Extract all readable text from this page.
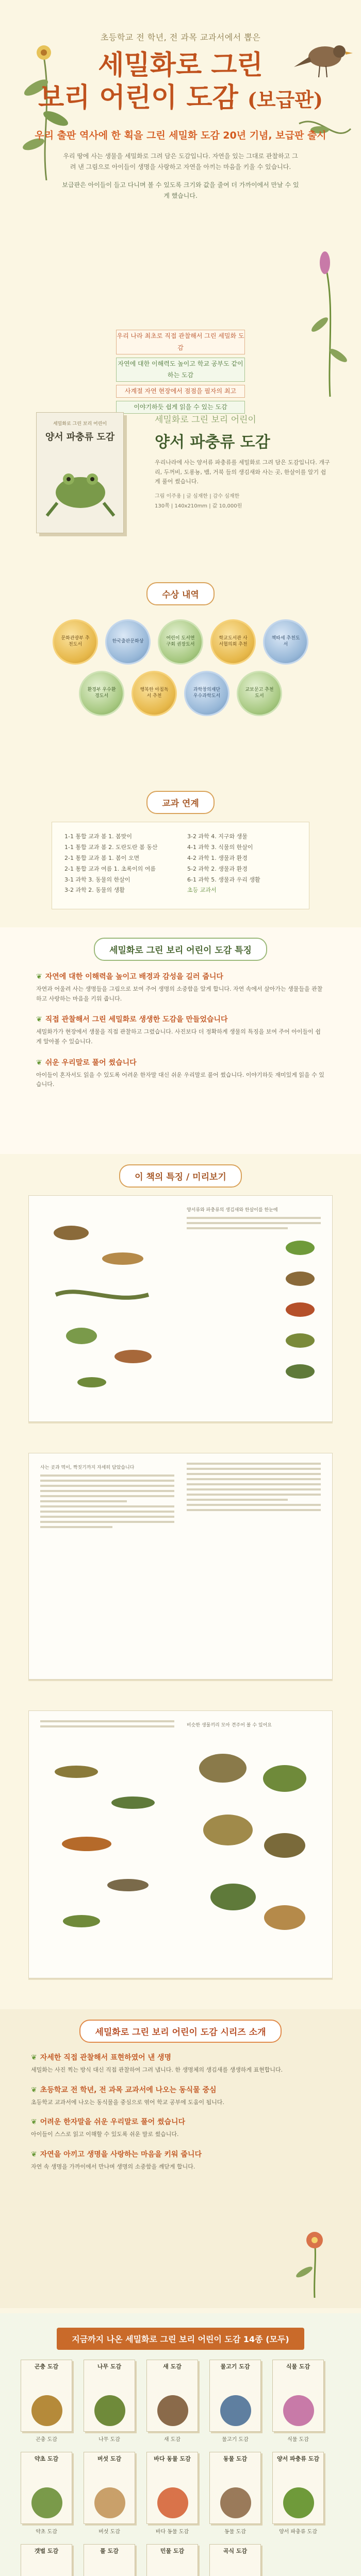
초등학교 전 학년, 전 과목 교과서에서 뽑은
세밀화로 그린
보리 어린이 도감 (보급판)
우리 출판 역사에 한 획을 그린 세밀화 도감 20년 기념, 보급판 출시

우리 땅에 사는 생물을 세밀화로 그려 담은 도감입니다. 자연을 있는 그대로 관찰하고 그려 낸 그림으로 아이들이 생명을 사랑하고 자연을 아끼는 마음을 키울 수 있습니다.

보급판은 아이들이 들고 다니며 볼 수 있도록 크기와 값을 줄여 더 가까이에서 만날 수 있게 했습니다.

우리 나라 최초로 직접 관찰해서 그린 세밀화 도감
자연에 대한 이해력도 높이고 학교 공부도 같이 하는 도감
사계절 자연 현장에서 점점을 필자의 최고
이야기하듯 쉽게 읽을 수 있는 도감
세밀화로 그린 보리 어린이
양서 파충류 도감
세밀화로 그린 보리 어린이
양서 파충류 도감

우리나라에 사는 양서류 파충류를 세밀화로 그려 담은 도감입니다. 개구리, 두꺼비, 도롱뇽, 뱀, 거북 들의 생김새와 사는 곳, 한살이를 알기 쉽게 풀어 썼습니다.

그림 이주용 | 글 심재한 | 감수 심재한

130쪽 | 140x210mm | 값 10,000원

수상 내역
문화관광부 추천도서
한국출판문화상
어린이 도서연구회 권장도서
학교도서관 사서협의회 추천
책따세 추천도서
환경부 우수환경도서
행복한 아침독서 추천
과학창의재단 우수과학도서
교보문고 추천도서
교과 연계
1-1 통합 교과 봄 1. 봄맞이
1-1 통합 교과 봄 2. 도란도란 봄 동산
2-1 통합 교과 봄 1. 봄이 오면
2-1 통합 교과 여름 1. 초록이의 여름
3-1 과학 3. 동물의 한살이
3-2 과학 2. 동물의 생활
3-2 과학 4. 지구와 생물
4-1 과학 3. 식물의 한살이
4-2 과학 1. 생물과 환경
5-2 과학 2. 생물과 환경
6-1 과학 5. 생물과 우리 생활
초등 교과서
세밀화로 그린 보리 어린이 도감 특징
❦ 자연에 대한 이해력을 높이고 배경과 감성을 길러 줍니다

자연과 어울려 사는 생명들을 그림으로 보여 주어 생명의 소중함을 알게 합니다. 자연 속에서 살아가는 생물들을 관찰하고 사랑하는 마음을 키워 줍니다.

❦ 직접 관찰해서 그린 세밀화로 생생한 도감을 만들었습니다

세밀화가가 현장에서 생물을 직접 관찰하고 그렸습니다. 사진보다 더 정확하게 생물의 특징을 보여 주어 아이들이 쉽게 알아볼 수 있습니다.

❦ 쉬운 우리말로 풀어 썼습니다

아이들이 혼자서도 읽을 수 있도록 어려운 한자말 대신 쉬운 우리말로 풀어 썼습니다. 이야기하듯 재미있게 읽을 수 있습니다.

이 책의 특징 / 미리보기
양서류와 파충류의 생김새와 한살이를 한눈에
사는 곳과 먹이, 짝짓기까지 자세히 담았습니다
비슷한 생물끼리 모아 견주어 볼 수 있어요
세밀화로 그린 보리 어린이 도감 시리즈 소개
❦ 자세한 직접 관찰해서 표현하였어 낸 생명

세밀화는 사진 찍는 방식 대신 직접 관찰하여 그려 냅니다. 한 생명체의 생김새를 생생하게 표현합니다.

❦ 초등학교 전 학년, 전 과목 교과서에 나오는 동식물 중심

초등학교 교과서에 나오는 동식물을 중심으로 엮어 학교 공부에 도움이 됩니다.

❦ 어려운 한자말을 쉬운 우리말로 풀어 썼습니다

아이들이 스스로 읽고 이해할 수 있도록 쉬운 말로 썼습니다.

❦ 자연을 아끼고 생명을 사랑하는 마음을 키워 줍니다

자연 속 생명을 가까이에서 만나며 생명의 소중함을 깨닫게 합니다.

지금까지 나온 세밀화로 그린 보리 어린이 도감 14종 (모두)
곤충 도감
곤충 도감
나무 도감
나무 도감
새 도감
새 도감
물고기 도감
물고기 도감
식물 도감
식물 도감
약초 도감
약초 도감
버섯 도감
버섯 도감
바다 동물 도감
바다 동물 도감
동물 도감
동물 도감
양서 파충류 도감
양서 파충류 도감
갯벌 도감	풀 도감	민물 도감	곡식 도감
